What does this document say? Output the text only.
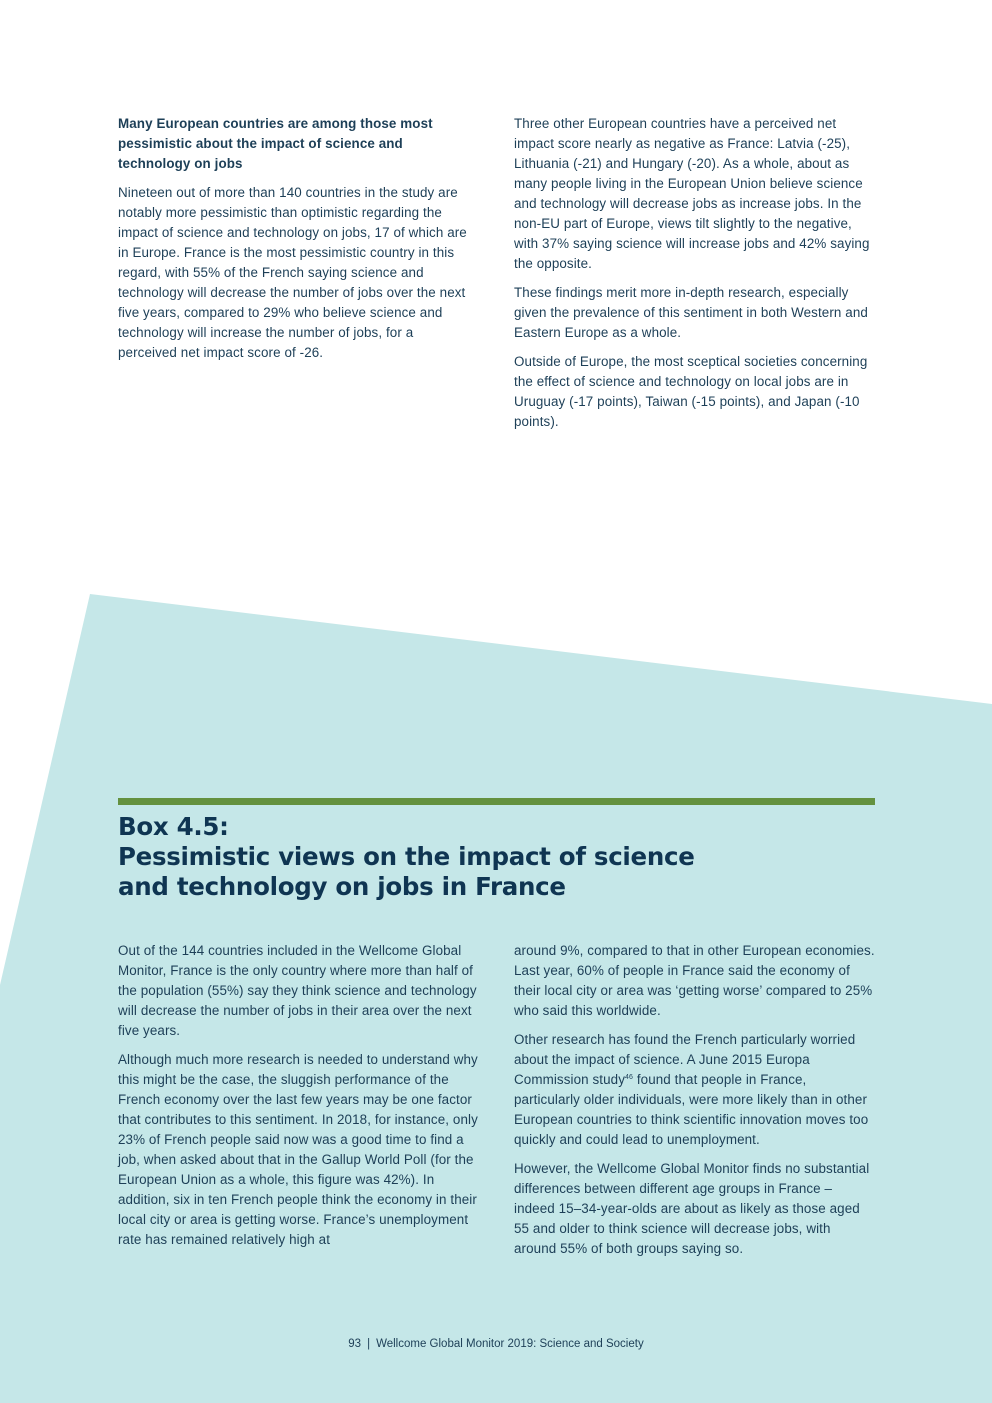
Many European countries are among those most pessimistic about the impact of science and technology on jobs

Nineteen out of more than 140 countries in the study are notably more pessimistic than optimistic regarding the impact of science and technology on jobs, 17 of which are in Europe. France is the most pessimistic country in this regard, with 55% of the French saying science and technology will decrease the number of jobs over the next five years, compared to 29% who believe science and technology will increase the number of jobs, for a perceived net impact score of -26.

Three other European countries have a perceived net impact score nearly as negative as France: Latvia (-25), Lithuania (-21) and Hungary (-20). As a whole, about as many people living in the European Union believe science and technology will decrease jobs as increase jobs. In the non-EU part of Europe, views tilt slightly to the negative, with 37% saying science will increase jobs and 42% saying the opposite.

These findings merit more in-depth research, especially given the prevalence of this sentiment in both Western and Eastern Europe as a whole.

Outside of Europe, the most sceptical societies concerning the effect of science and technology on local jobs are in Uruguay (-17 points), Taiwan (-15 points), and Japan (-10 points).

Box 4.5:
Pessimistic views on the impact of science
and technology on jobs in France

Out of the 144 countries included in the Wellcome Global Monitor, France is the only country where more than half of the population (55%) say they think science and technology will decrease the number of jobs in their area over the next five years.

Although much more research is needed to understand why this might be the case, the sluggish performance of the French economy over the last few years may be one factor that contributes to this sentiment. In 2018, for instance, only 23% of French people said now was a good time to find a job, when asked about that in the Gallup World Poll (for the European Union as a whole, this figure was 42%). In addition, six in ten French people think the economy in their local city or area is getting worse. France’s unemployment rate has remained relatively high at

around 9%, compared to that in other European economies. Last year, 60% of people in France said the economy of their local city or area was ‘getting worse’ compared to 25% who said this worldwide.

Other research has found the French particularly worried about the impact of science. A June 2015 Europa Commission study$^{46}$ found that people in France, particularly older individuals, were more likely than in other European countries to think scientific innovation moves too quickly and could lead to unemployment.

However, the Wellcome Global Monitor finds no substantial differences between different age groups in France – indeed 15–34-year-olds are about as likely as those aged 55 and older to think science will decrease jobs, with around 55% of both groups saying so.

93 | Wellcome Global Monitor 2019: Science and Society
